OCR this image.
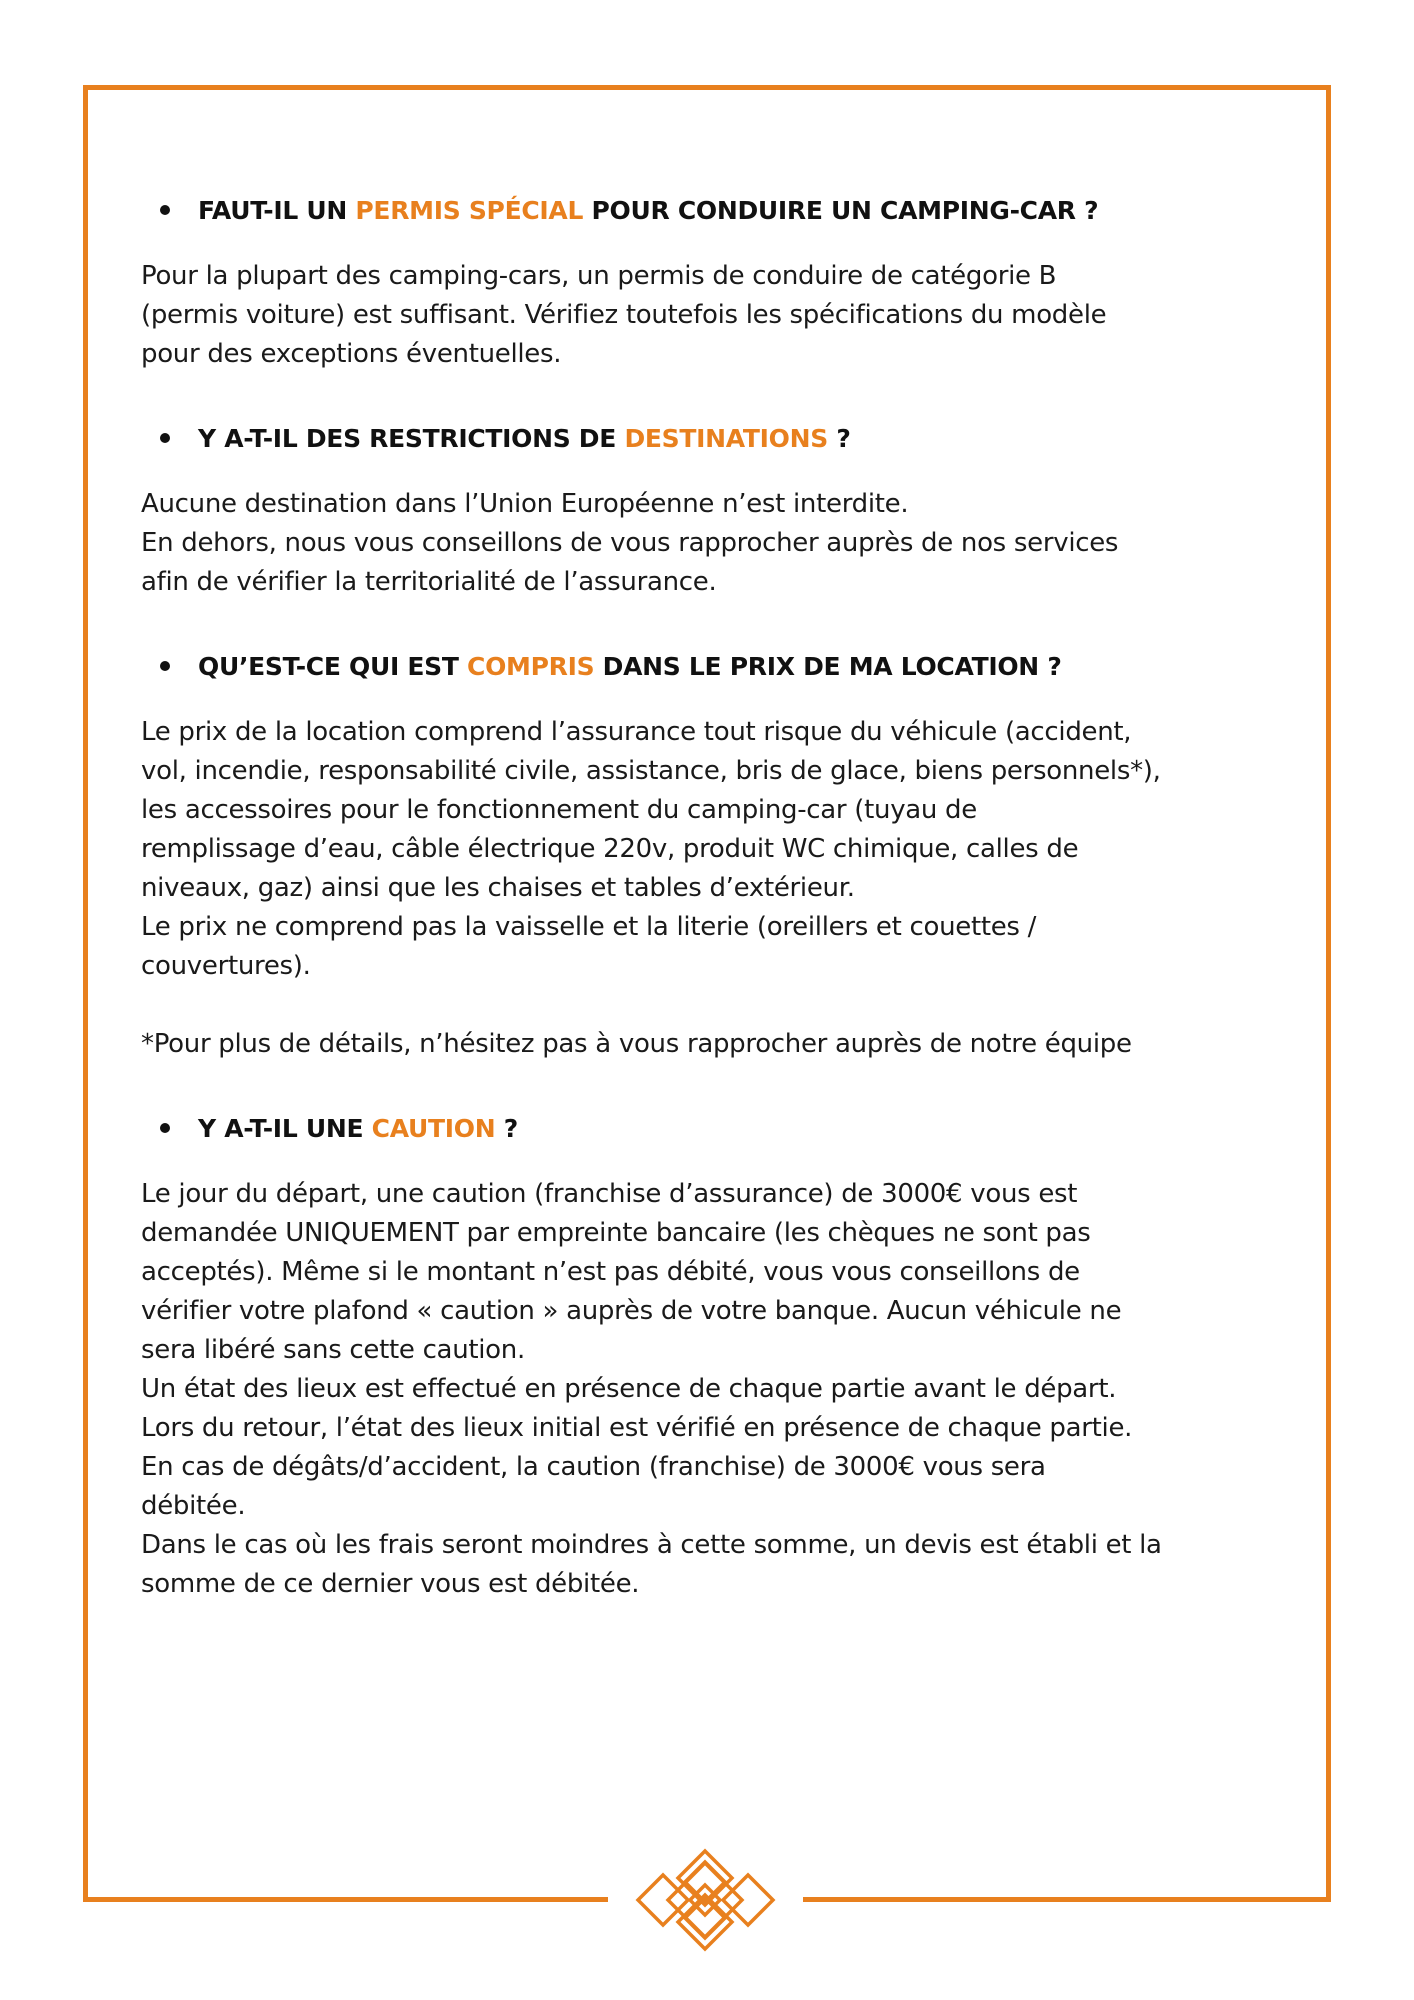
FAUT-IL UN PERMIS SPÉCIAL POUR CONDUIRE UN CAMPING-CAR ?

Pour la plupart des camping-cars, un permis de conduire de catégorie B
(permis voiture) est suffisant. Vérifiez toutefois les spécifications du modèle
pour des exceptions éventuelles.

Y A-T-IL DES RESTRICTIONS DE DESTINATIONS ?

Aucune destination dans l’Union Européenne n’est interdite.
En dehors, nous vous conseillons de vous rapprocher auprès de nos services
afin de vérifier la territorialité de l’assurance.

QU’EST-CE QUI EST COMPRIS DANS LE PRIX DE MA LOCATION ?

Le prix de la location comprend l’assurance tout risque du véhicule (accident,
vol, incendie, responsabilité civile, assistance, bris de glace, biens personnels*),
les accessoires pour le fonctionnement du camping-car (tuyau de
remplissage d’eau, câble électrique 220v, produit WC chimique, calles de
niveaux, gaz) ainsi que les chaises et tables d’extérieur.
Le prix ne comprend pas la vaisselle et la literie (oreillers et couettes /
couvertures).

*Pour plus de détails, n’hésitez pas à vous rapprocher auprès de notre équipe

Y A-T-IL UNE CAUTION ?

Le jour du départ, une caution (franchise d’assurance) de 3000€ vous est
demandée UNIQUEMENT par empreinte bancaire (les chèques ne sont pas
acceptés). Même si le montant n’est pas débité, vous vous conseillons de
vérifier votre plafond « caution » auprès de votre banque. Aucun véhicule ne
sera libéré sans cette caution.
Un état des lieux est effectué en présence de chaque partie avant le départ.
Lors du retour, l’état des lieux initial est vérifié en présence de chaque partie.
En cas de dégâts/d’accident, la caution (franchise) de 3000€ vous sera
débitée.
Dans le cas où les frais seront moindres à cette somme, un devis est établi et la
somme de ce dernier vous est débitée.
